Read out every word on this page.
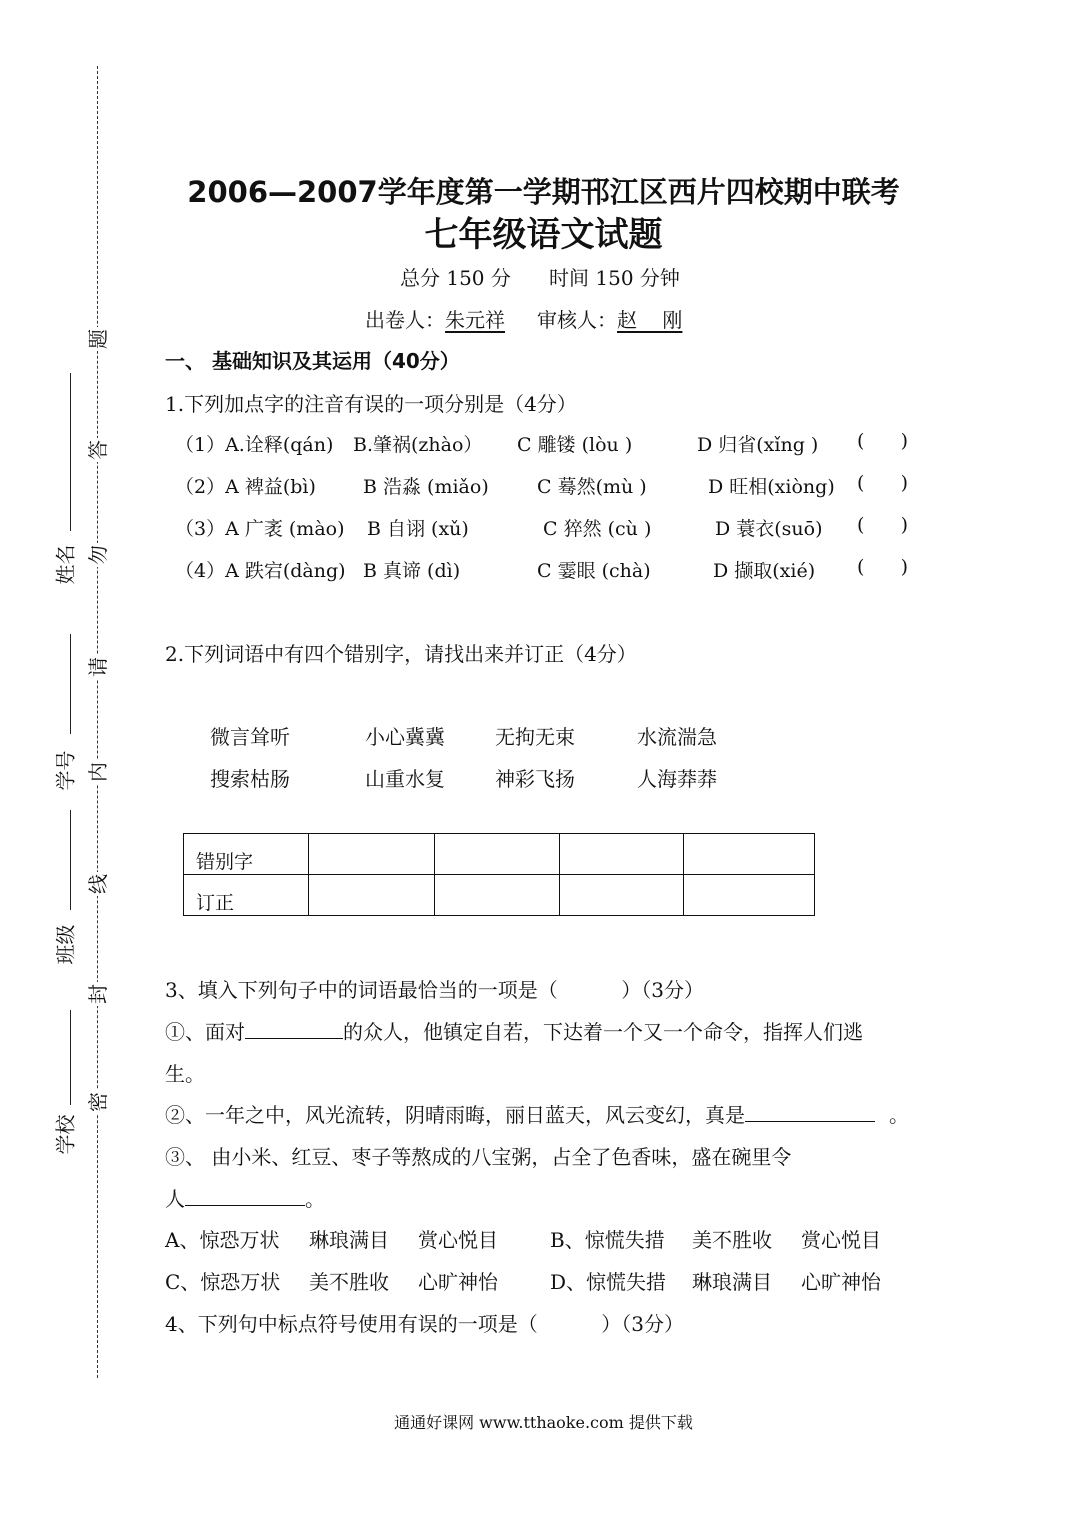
题
答
勿
请
内
线
封
密
姓名
学号
班级
学校
2006—2007学年度第一学期邗江区西片四校期中联考
七年级语文试题
总分 150 分      时间 150 分钟
出卷人：朱元祥 审核人：赵    刚
一、 基础知识及其运用（40分）
1.下列加点字的注音有误的一项分别是（4分）
（1）A.诠释(qán) B.肇祸(zhào） C 雕镂 (lòu )	D 归省(xǐng ) (      )
（2）A 裨益(bì) B 浩淼 (miǎo)	C 蓦然(mù )	D 旺相(xiòng) (      )
（3）A 广袤 (mào) B 自诩 (xǔ)	C 猝然 (cù )	D 蓑衣(suō) (      )
（4）A 跌宕(dàng) B 真谛 (dì)	C 霎眼 (chà)	D 撷取(xié) (      )
2.下列词语中有四个错别字，请找出来并订正（4分）
微言耸听	小心冀冀	无拘无束	水流湍急
搜索枯肠	山重水复	神彩飞扬	人海莽莽
错别字				
订正				
3、填入下列句子中的词语最恰当的一项是（          ）（3分）
①、面对	的众人，他镇定自若，下达着一个又一个命令，指挥人们逃
生。
②、一年之中，风光流转，阴晴雨晦，丽日蓝天，风云变幻，真是	。
③、 由小米、红豆、枣子等熬成的八宝粥，占全了色香味，盛在碗里令
人	。
A、惊恐万状 琳琅满目 赏心悦目	B、惊慌失措 美不胜收 赏心悦目
C、惊恐万状 美不胜收 心旷神怡	D、惊慌失措 琳琅满目 心旷神怡
4、下列句中标点符号使用有误的一项是（          ）（3分）
通通好课网 www.tthaoke.com 提供下载
